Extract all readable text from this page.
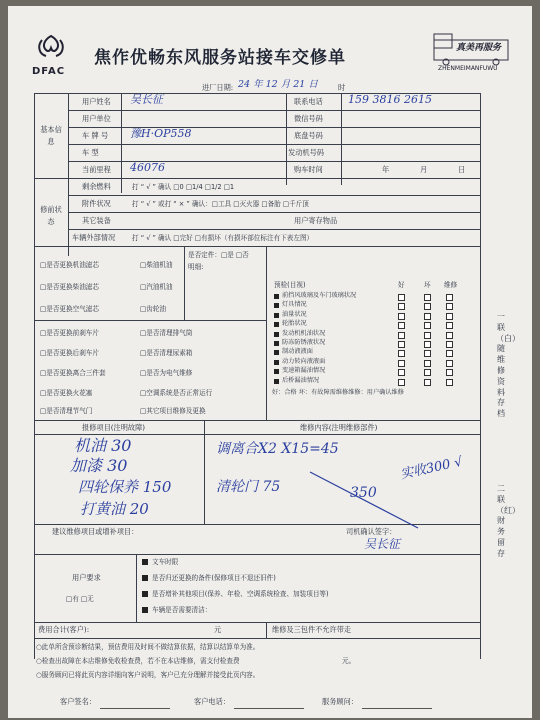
DFAC
焦作优畅东风服务站接车交修单	真美再服务
ZHENMEIMANFUWU
进厂日期: 24 年 12 月 21 日	时
基本信息
用户姓名 吴长征	联系电话 159 3816 2615
用户单位	微信号码
车 牌 号 豫H·OP558	底盘号码
车 型	发动机号码
当前里程 46076	购车时间	年	月	日
修前状态
剩余燃料	打 “ √ ” 确认 □0 □1/4 □1/2 □1
附件状况	打 “ √ ” 或打 “ × ” 确认：□工具 □灭火器 □备胎 □千斤顶
其它装备	用户寄存物品
车辆外部情况	打 “ √ ” 确认 □完好 □有损坏（有损坏部位标注有下表左图）
□是否更换机油滤芯	□柴油机油
□是否更换柴油滤芯	□汽油机油
□是否更换空气滤芯	□齿轮油
是否定件：□是 □否
明细:
□是否更换前刹车片	□是否清理排气筒
□是否更换后刹车片	□是否清理尿素箱
□是否更换离合三件套	□是否为电气维修
□是否更换火花塞	□空调系统是否正常运行
□是否清理节气门	□其它项目维修及更换
预检(目视)	好	坏 维修
前挡风玻璃及车门玻璃状况
灯具情况
油量状况
轮胎状况
发动机机油状况
防冻防锈液状况
制动液液面
动力转向液液面
变速箱漏油情况
后桥漏油情况
好：合格 坏：有故障需维修维修：用户确认维修
报修项目(注明故障)	维修内容(注明维修部件)
机油 30
加漆 30
四轮保养 150
打黄油 20
调离合X2 X15=45
清轮门 75	350
实收300 √
建议维修项目或增补项目：	司机确认签字：
吴长征
用户要求
□有 □无
文车时限
是否归还更换的备件(保修项目不退还旧件)
是否增补其他项目(保养、年检、空调系统检查、加装项目等)
车辆是否需要清洁：
费用合计(客户):	元	维修及三包件不允许带走
○此单所含预诊断结果，预估费用及时间不做结算依据，结算以结算单为准。
○检查出故障在本店维修免收检查费，若不在本店维修，需支付检查费	元。
○服务顾问已将此页内容详细向客户说明，客户已充分理解并接受此页内容。
客户签名：	客户电话：	服务顾问：
一联（白）随维修资料存档
二联（红）财务留存
